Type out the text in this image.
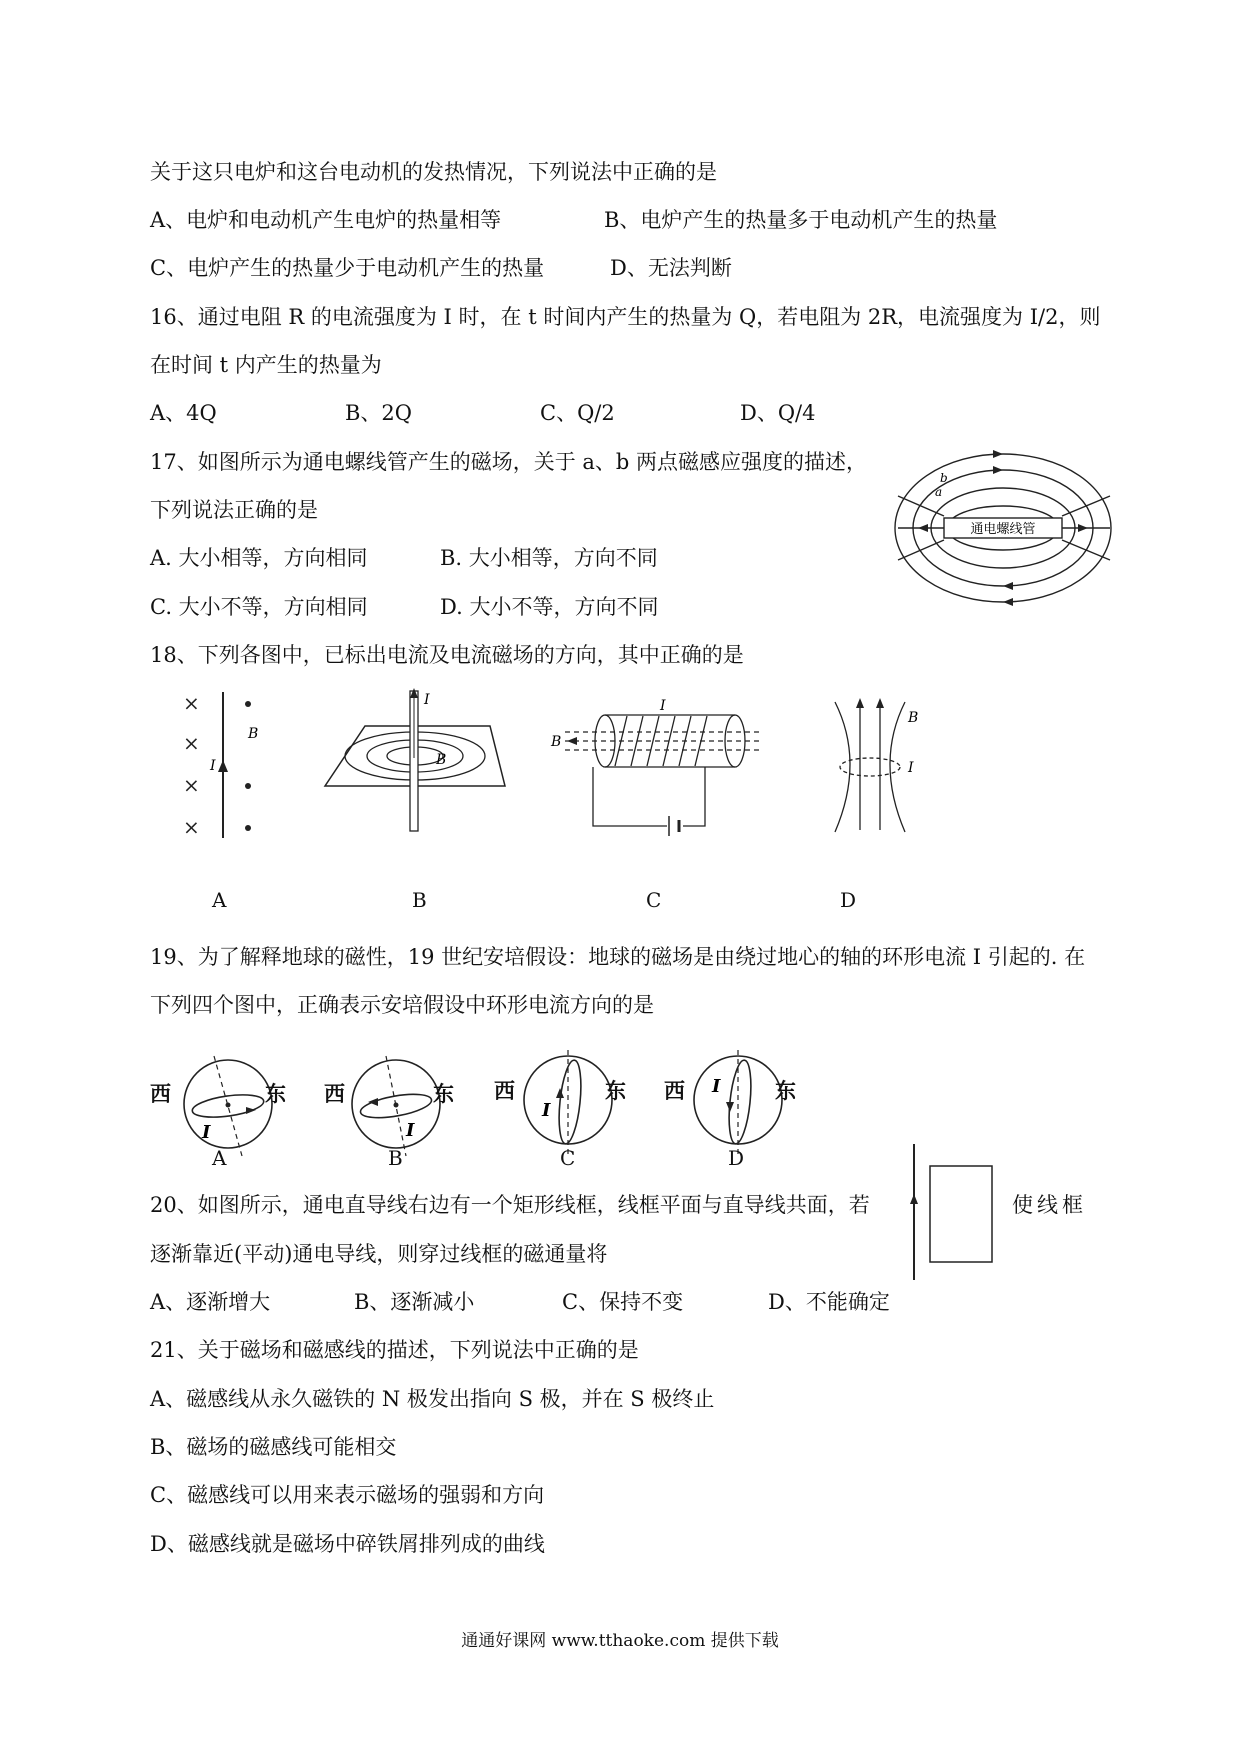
关于这只电炉和这台电动机的发热情况，下列说法中正确的是
A、电炉和电动机产生电炉的热量相等	B、电炉产生的热量多于电动机产生的热量
C、电炉产生的热量少于电动机产生的热量	D、无法判断
16、通过电阻 R 的电流强度为 I 时，在 t 时间内产生的热量为 Q，若电阻为 2R，电流强度为 I/2，则
在时间 t 内产生的热量为
A、4Q	B、2Q	C、Q/2	D、Q/4
17、如图所示为通电螺线管产生的磁场，关于 a、b 两点磁感应强度的描述，
下列说法正确的是
A. 大小相等，方向相同	B. 大小相等，方向不同
C. 大小不等，方向相同	D. 大小不等，方向不同
通电螺线管
a
b
18、下列各图中，已标出电流及电流磁场的方向，其中正确的是
×
×
×
×
I
B
I
B
B
I
B
I
A	B	C	D
19、为了解释地球的磁性，19 世纪安培假设：地球的磁场是由绕过地心的轴的环形电流 I 引起的. 在
下列四个图中，正确表示安培假设中环形电流方向的是
西
I
东
A
西
I
东
B
西
I
东
C
西 I	东
D
20、如图所示，通电直导线右边有一个矩形线框，线框平面与直导线共面，若	使线框
逐渐靠近(平动)通电导线，则穿过线框的磁通量将
A、逐渐增大	B、逐渐减小	C、保持不变	D、不能确定
21、关于磁场和磁感线的描述，下列说法中正确的是
A、磁感线从永久磁铁的 N 极发出指向 S 极，并在 S 极终止
B、磁场的磁感线可能相交
C、磁感线可以用来表示磁场的强弱和方向
D、磁感线就是磁场中碎铁屑排列成的曲线
通通好课网 www.tthaoke.com 提供下载
